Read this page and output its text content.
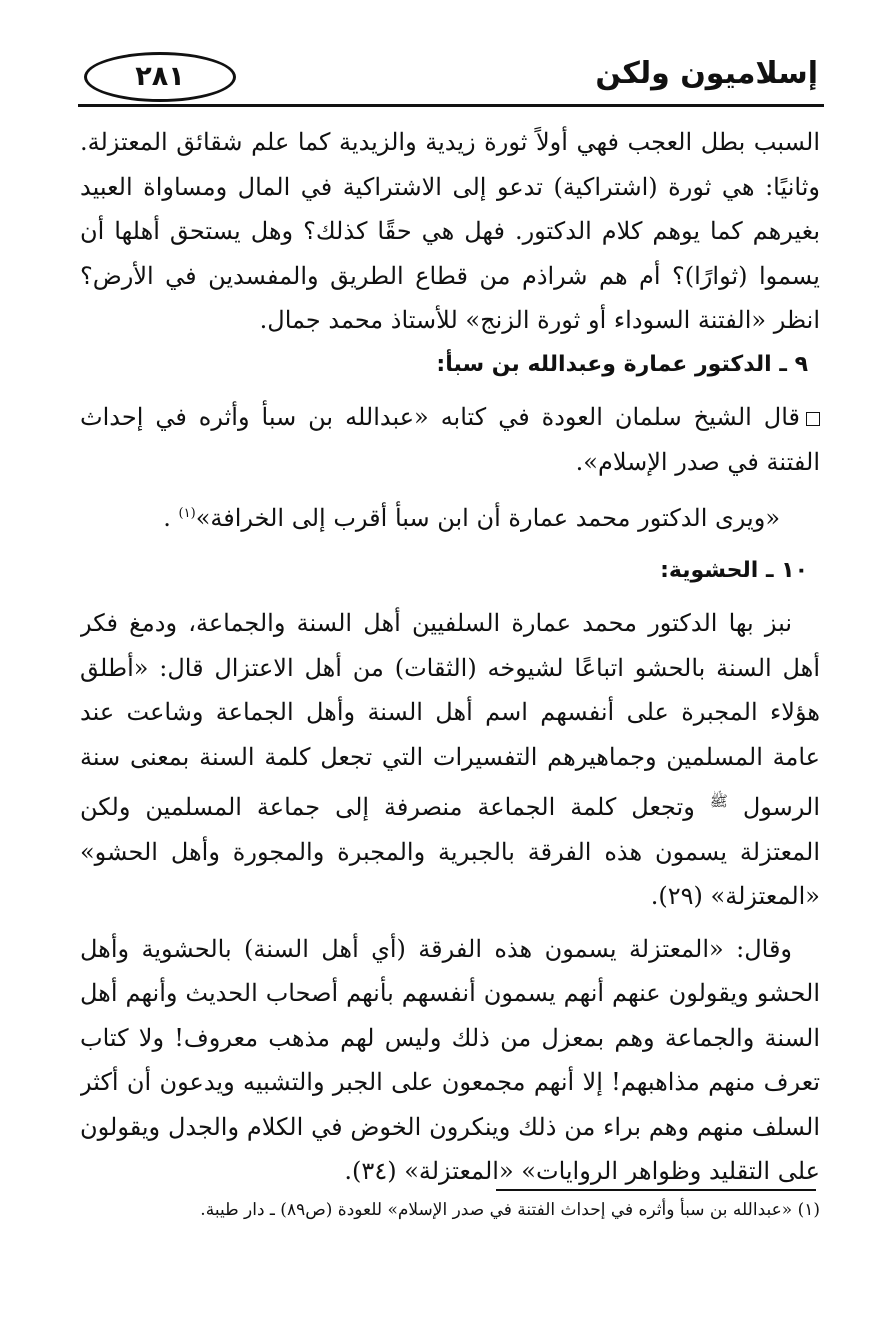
إسلاميون ولكن
٢٨١

السبب بطل العجب فهي أولاً ثورة زيدية والزيدية كما علم شقائق المعتزلة. وثانيًا: هي ثورة (اشتراكية) تدعو إلى الاشتراكية في المال ومساواة العبيد بغيرهم كما يوهم كلام الدكتور. فهل هي حقًا كذلك؟ وهل يستحق أهلها أن يسموا (ثوارًا)؟ أم هم شراذم من قطاع الطريق والمفسدين في الأرض؟ انظر «الفتنة السوداء أو ثورة الزنج» للأستاذ محمد جمال.

٩ ـ الدكتور عمارة وعبدالله بن سبأ:

قال الشيخ سلمان العودة في كتابه «عبدالله بن سبأ وأثره في إحداث الفتنة في صدر الإسلام».

«ويرى الدكتور محمد عمارة أن ابن سبأ أقرب إلى الخرافة»$^{(١)}$ .

١٠ ـ الحشوية:

نبز بها الدكتور محمد عمارة السلفيين أهل السنة والجماعة، ودمغ فكر أهل السنة بالحشو اتباعًا لشيوخه (الثقات) من أهل الاعتزال قال: «أطلق هؤلاء المجبرة على أنفسهم اسم أهل السنة وأهل الجماعة وشاعت عند عامة المسلمين وجماهيرهم التفسيرات التي تجعل كلمة السنة بمعنى سنة الرسول $^ﷺ$ وتجعل كلمة الجماعة منصرفة إلى جماعة المسلمين ولكن المعتزلة يسمون هذه الفرقة بالجبرية والمجبرة والمجورة وأهل الحشو» «المعتزلة» (٢٩).

وقال: «المعتزلة يسمون هذه الفرقة (أي أهل السنة) بالحشوية وأهل الحشو ويقولون عنهم أنهم يسمون أنفسهم بأنهم أصحاب الحديث وأنهم أهل السنة والجماعة وهم بمعزل من ذلك وليس لهم مذهب معروف! ولا كتاب تعرف منهم مذاهبهم! إلا أنهم مجمعون على الجبر والتشبيه ويدعون أن أكثر السلف منهم وهم براء من ذلك وينكرون الخوض في الكلام والجدل ويقولون على التقليد وظواهر الروايات» «المعتزلة» (٣٤).

(١) «عبدالله بن سبأ وأثره في إحداث الفتنة في صدر الإسلام» للعودة (ص٨٩) ـ دار طيبة.
